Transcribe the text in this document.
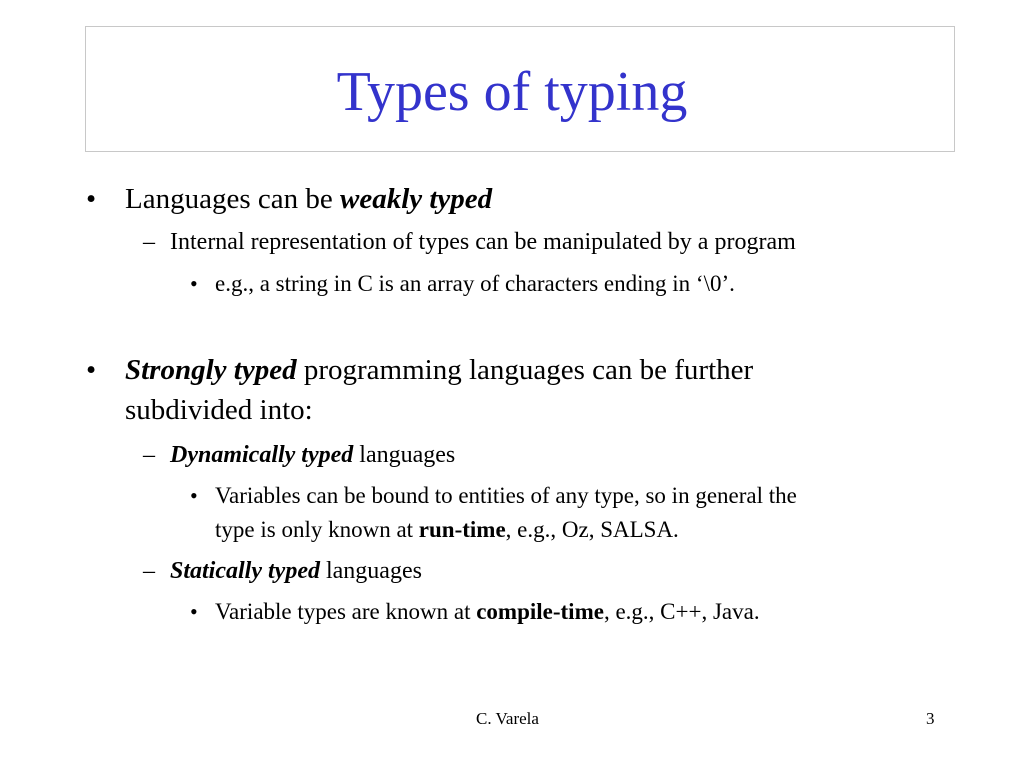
Types of typing
• Languages can be weakly typed

– Internal representation of types can be manipulated by a program

• e.g., a string in C is an array of characters ending in ‘\0’.

• Strongly typed programming languages can be further

subdivided into:

– Dynamically typed languages

• Variables can be bound to entities of any type, so in general the

type is only known at run-time, e.g., Oz, SALSA.

– Statically typed languages

• Variable types are known at compile-time, e.g., C++, Java.

C. Varela	3
